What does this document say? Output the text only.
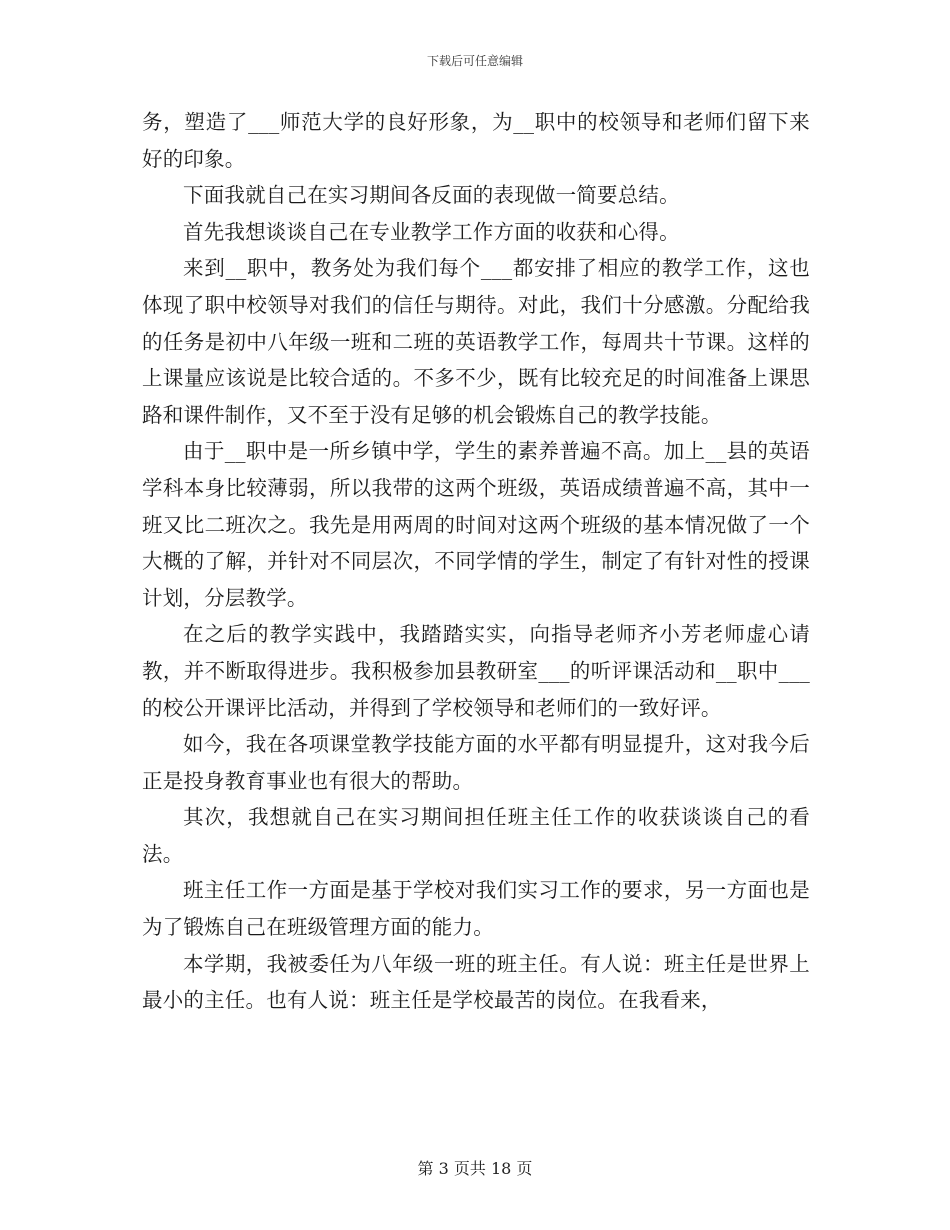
下载后可任意编辑

务，塑造了___师范大学的良好形象，为__职中的校领导和老师们留下来好的印象。

下面我就自己在实习期间各反面的表现做一简要总结。

首先我想谈谈自己在专业教学工作方面的收获和心得。

来到__职中，教务处为我们每个___都安排了相应的教学工作，这也体现了职中校领导对我们的信任与期待。对此，我们十分感激。分配给我的任务是初中八年级一班和二班的英语教学工作，每周共十节课。这样的上课量应该说是比较合适的。不多不少，既有比较充足的时间准备上课思路和课件制作，又不至于没有足够的机会锻炼自己的教学技能。

由于__职中是一所乡镇中学，学生的素养普遍不高。加上__县的英语学科本身比较薄弱，所以我带的这两个班级，英语成绩普遍不高，其中一班又比二班次之。我先是用两周的时间对这两个班级的基本情况做了一个大概的了解，并针对不同层次，不同学情的学生，制定了有针对性的授课计划，分层教学。

在之后的教学实践中，我踏踏实实，向指导老师齐小芳老师虚心请教，并不断取得进步。我积极参加县教研室___的听评课活动和__职中___的校公开课评比活动，并得到了学校领导和老师们的一致好评。

如今，我在各项课堂教学技能方面的水平都有明显提升，这对我今后正是投身教育事业也有很大的帮助。

其次，我想就自己在实习期间担任班主任工作的收获谈谈自己的看法。

班主任工作一方面是基于学校对我们实习工作的要求，另一方面也是为了锻炼自己在班级管理方面的能力。

本学期，我被委任为八年级一班的班主任。有人说：班主任是世界上最小的主任。也有人说：班主任是学校最苦的岗位。在我看来，

第 3 页共 18 页
